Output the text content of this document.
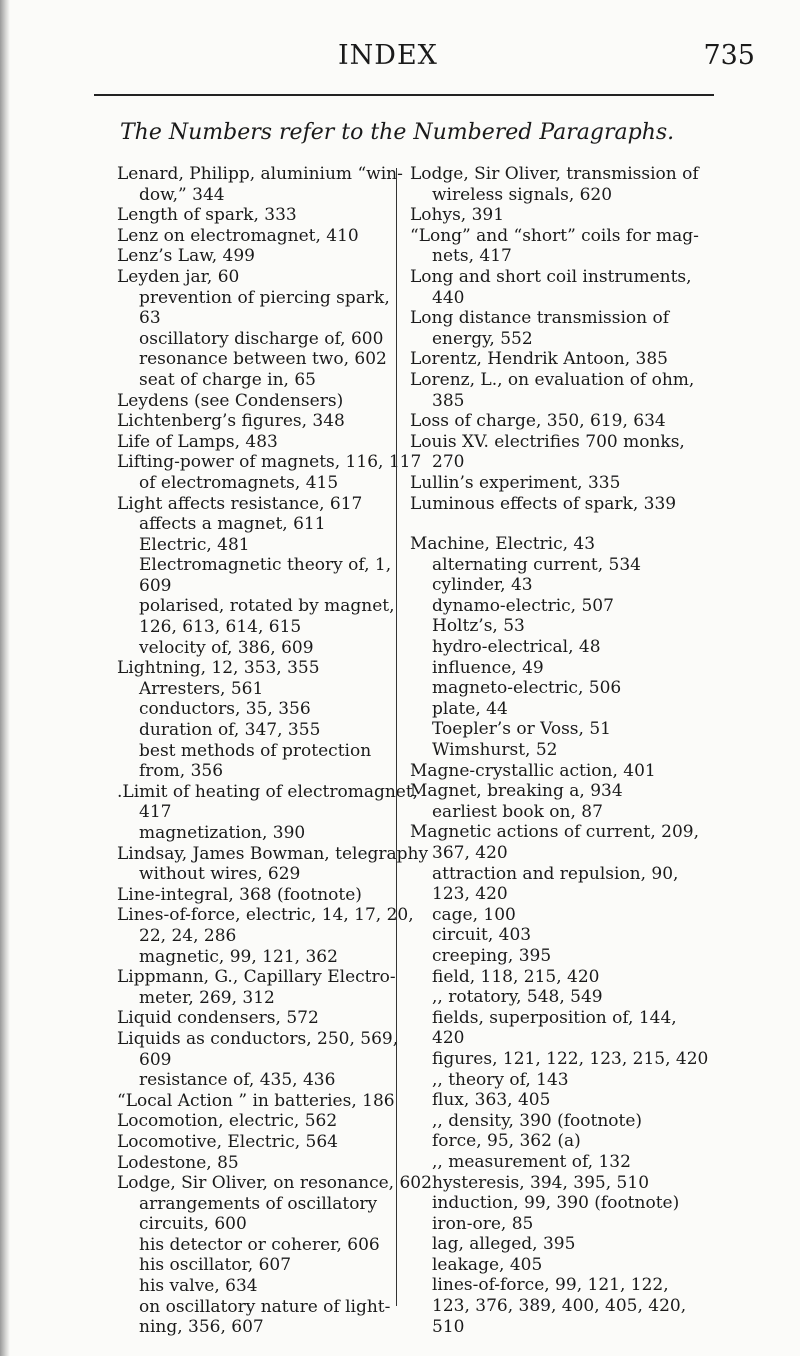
INDEX	735
The Numbers refer to the Numbered Paragraphs.
Lenard, Philipp, aluminium “win-
dow,” 344
Length of spark, 333
Lenz on electromagnet, 410
Lenz’s Law, 499
Leyden jar, 60
prevention of piercing spark,
63
oscillatory discharge of, 600
resonance between two, 602
seat of charge in, 65
Leydens (see Condensers)
Lichtenberg’s figures, 348
Life of Lamps, 483
Lifting-power of magnets, 116, 117
of electromagnets, 415
Light affects resistance, 617
affects a magnet, 611
Electric, 481
Electromagnetic theory of, 1,
609
polarised, rotated by magnet,
126, 613, 614, 615
velocity of, 386, 609
Lightning, 12, 353, 355
Arresters, 561
conductors, 35, 356
duration of, 347, 355
best methods of protection
from, 356
.Limit of heating of electromagnet,
417
magnetization, 390
Lindsay, James Bowman, telegraphy
without wires, 629
Line-integral, 368 (footnote)
Lines-of-force, electric, 14, 17, 20,
22, 24, 286
magnetic, 99, 121, 362
Lippmann, G., Capillary Electro-
meter, 269, 312
Liquid condensers, 572
Liquids as conductors, 250, 569,
609
resistance of, 435, 436
“Local Action ” in batteries, 186
Locomotion, electric, 562
Locomotive, Electric, 564
Lodestone, 85
Lodge, Sir Oliver, on resonance, 602
arrangements of oscillatory
circuits, 600
his detector or coherer, 606
his oscillator, 607
his valve, 634
on oscillatory nature of light-
ning, 356, 607
Lodge, Sir Oliver, transmission of
wireless signals, 620
Lohys, 391
“Long” and “short” coils for mag-
nets, 417
Long and short coil instruments,
440
Long distance transmission of
energy, 552
Lorentz, Hendrik Antoon, 385
Lorenz, L., on evaluation of ohm,
385
Loss of charge, 350, 619, 634
Louis XV. electrifies 700 monks,
270
Lullin’s experiment, 335
Luminous effects of spark, 339
Machine, Electric, 43
alternating current, 534
cylinder, 43
dynamo-electric, 507
Holtz’s, 53
hydro-electrical, 48
influence, 49
magneto-electric, 506
plate, 44
Toepler’s or Voss, 51
Wimshurst, 52
Magne-crystallic action, 401
Magnet, breaking a, 934
earliest book on, 87
Magnetic actions of current, 209,
367, 420
attraction and repulsion, 90,
123, 420
cage, 100
circuit, 403
creeping, 395
field, 118, 215, 420
,, rotatory, 548, 549
fields, superposition of, 144,
420
figures, 121, 122, 123, 215, 420
,, theory of, 143
flux, 363, 405
,, density, 390 (footnote)
force, 95, 362 (a)
,, measurement of, 132
hysteresis, 394, 395, 510
induction, 99, 390 (footnote)
iron-ore, 85
lag, alleged, 395
leakage, 405
lines-of-force, 99, 121, 122,
123, 376, 389, 400, 405, 420,
510
